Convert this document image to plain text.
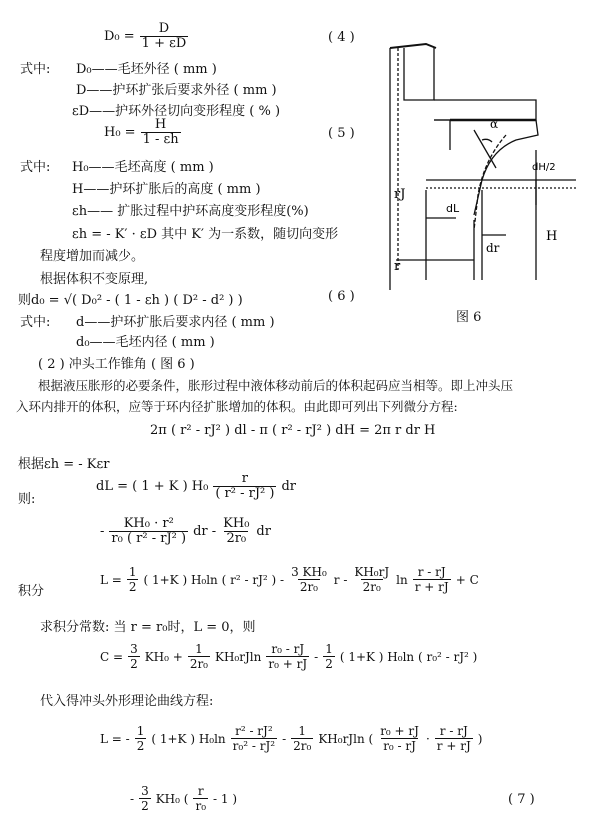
$D_0 = \frac{D}{1 + \varepsilon D}$	( 4 )
式中: D₀——毛坯外径 ( mm )
D——护环扩张后要求外径 ( mm )
εD——护环外径切向变形程度 ( % )
$H_0 = \frac{H}{1 - \varepsilon h}$	( 5 )
式中: H₀——毛坯高度 ( mm )
H——护环扩胀后的高度 ( mm )
εh—— 扩胀过程中护环高度变形程度(%)
εh = - K′ · εD 其中 K′ 为一系数，随切向变形
程度增加而减少。
根据体积不变原理,
则d₀ = √( D₀² - ( 1 - εh ) ( D² - d² ) )	( 6 )
式中: d——护环扩胀后要求内径 ( mm )
d₀——毛坯内径 ( mm )
( 2 ) 冲头工作锥角 ( 图 6 )
根据液压胀形的必要条件，胀形过程中液体移动前后的体积起码应当相等。即上冲头压
入环内排开的体积，应等于环内径扩胀增加的体积。由此即可列出下列微分方程:
2π ( r² - rJ² ) dl - π ( r² - rJ² ) dH = 2π r dr H
根据εh = - Kεr
则:
dL = ( 1 + K ) $H_0 \frac{r}{\text{( r² - rJ² )}}$ dr
- $\frac{\text{KH₀ · r²}}{\text{r₀ ( r² - rJ² )}}$ dr - $\frac{\text{KH₀}}{\text{2r₀}}$ dr
积分
$L = \frac{1}{2}$ ( 1+K ) H₀ln ( r² - rJ² ) - $\frac{\text{3 KH₀}}{\text{2r₀}}$ r - $\frac{\text{KH₀rJ}}{\text{2r₀}}$ $\ln \frac{r - rJ}{r + rJ} + C$
求积分常数: 当 r = r₀时，L = 0，则
$C = \frac{3}{2} KH_0 + \frac{1}{\text{2r₀}} KH_0rJln \frac{\text{r₀ - rJ}}{\text{r₀ + rJ}} - \frac{1}{2}$ ( 1+K ) H₀ln ( r₀² - rJ² )
代入得冲头外形理论曲线方程:
L = - $\frac{1}{2}$ ( 1+K ) $H_0\ln \frac{\text{r² - rJ²}}{\text{r₀² - rJ²}} - \frac{1}{\text{2r₀}} KH_0rJln$ ( $\frac{\text{r₀ + rJ}}{\text{r₀ - rJ}} \cdot \frac{r - rJ}{r + rJ}$ )
- $\frac{3}{2} KH_0$ ( $\frac{r}{\text{r₀}} - 1$ )	( 7 )
α
rJ
dL
r
dr
H
dH/2
图 6
